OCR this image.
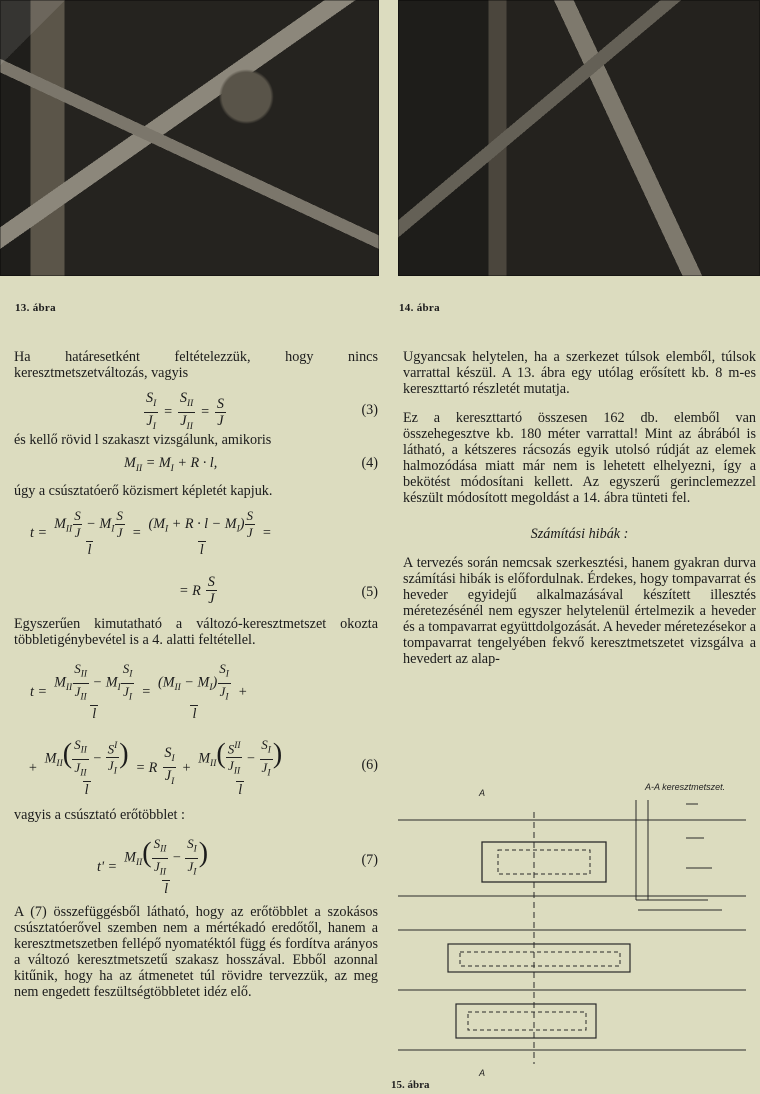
13. ábra	14. ábra

Ha határesetként feltételezzük, hogy nincs keresztmetszetváltozás, vagyis

$\frac{S_I}{J_I} = \frac{S_{II}}{J_{II}} = \frac{S}{J}$	(3)

és kellő rövid l szakaszt vizsgálunk, amikoris

$M_{II} = M_I + R \cdot l$,	(4)

úgy a csúsztatóerő közismert képletét kapjuk.

$t = \frac{M_{II} \frac{S}{J} - M_I \frac{S}{J}}{l} = \frac{(M_I + R \cdot l - M_I) \frac{S}{J}}{l}$ =
= R $\frac{S}{J}$	(5)

Egyszerűen kimutatható a változó-keresztmetszet okozta többletigénybevétel is a 4. alatti feltétellel.

$t = \frac{M_{II} \frac{S_{II}}{J_{II}} - M_I \frac{S_I}{J_I}}{l} = \frac{(M_{II} - M_I) \frac{S_I}{J_I}}{l}$ +
+ $\frac{M_{II}( \frac{S_{II}}{J_{II}} - \frac{S^I}{J_I} )}{l} = R \frac{S_I}{J_I} + \frac{M_{II}( \frac{S^{II}}{J_{II}} - \frac{S_I}{J_I} )}{l}$	(6)

vagyis a csúsztató erőtöbblet :

$t' = \frac{M_{II}( \frac{S_{II}}{J_{II}} - \frac{S_I}{J_I} )}{l}$	(7)

A (7) összefüggésből látható, hogy az erőtöbblet a szokásos csúsztatóerővel szemben nem a mértékadó eredőtől, hanem a keresztmetszetben fellépő nyomatéktól függ és fordítva arányos a változó keresztmetszetű szakasz hosszával. Ebből azonnal kitűnik, hogy ha az átmenetet túl rövidre tervezzük, az meg nem engedett feszültségtöbbletet idéz elő.

Ugyancsak helytelen, ha a szerkezet túlsok elemből, túlsok varrattal készül. A 13. ábra egy utólag erősített kb. 8 m-es kereszttartó részletét mutatja.

Ez a kereszttartó összesen 162 db. elemből van összehegesztve kb. 180 méter varrattal! Mint az ábrából is látható, a kétszeres rácsozás egyik utolsó rúdját az elemek halmozódása miatt már nem is lehetett elhelyezni, így a bekötést módosítani kellett. Az egyszerű gerinclemezzel készült módosított megoldást a 14. ábra tünteti fel.

Számítási hibák :

A tervezés során nemcsak szerkesztési, hanem gyakran durva számítási hibák is előfordulnak. Érdekes, hogy tompavarrat és heveder egyidejű alkalmazásával készített illesztés méretezésénél nem egyszer helytelenül értelmezik a heveder és a tompavarrat együttdolgozását. A heveder méretezésekor a tompavarrat tengelyében fekvő keresztmetszetet vizsgálva a hevedert az alap-

A-A keresztmetszet.
A
A
15. ábra
